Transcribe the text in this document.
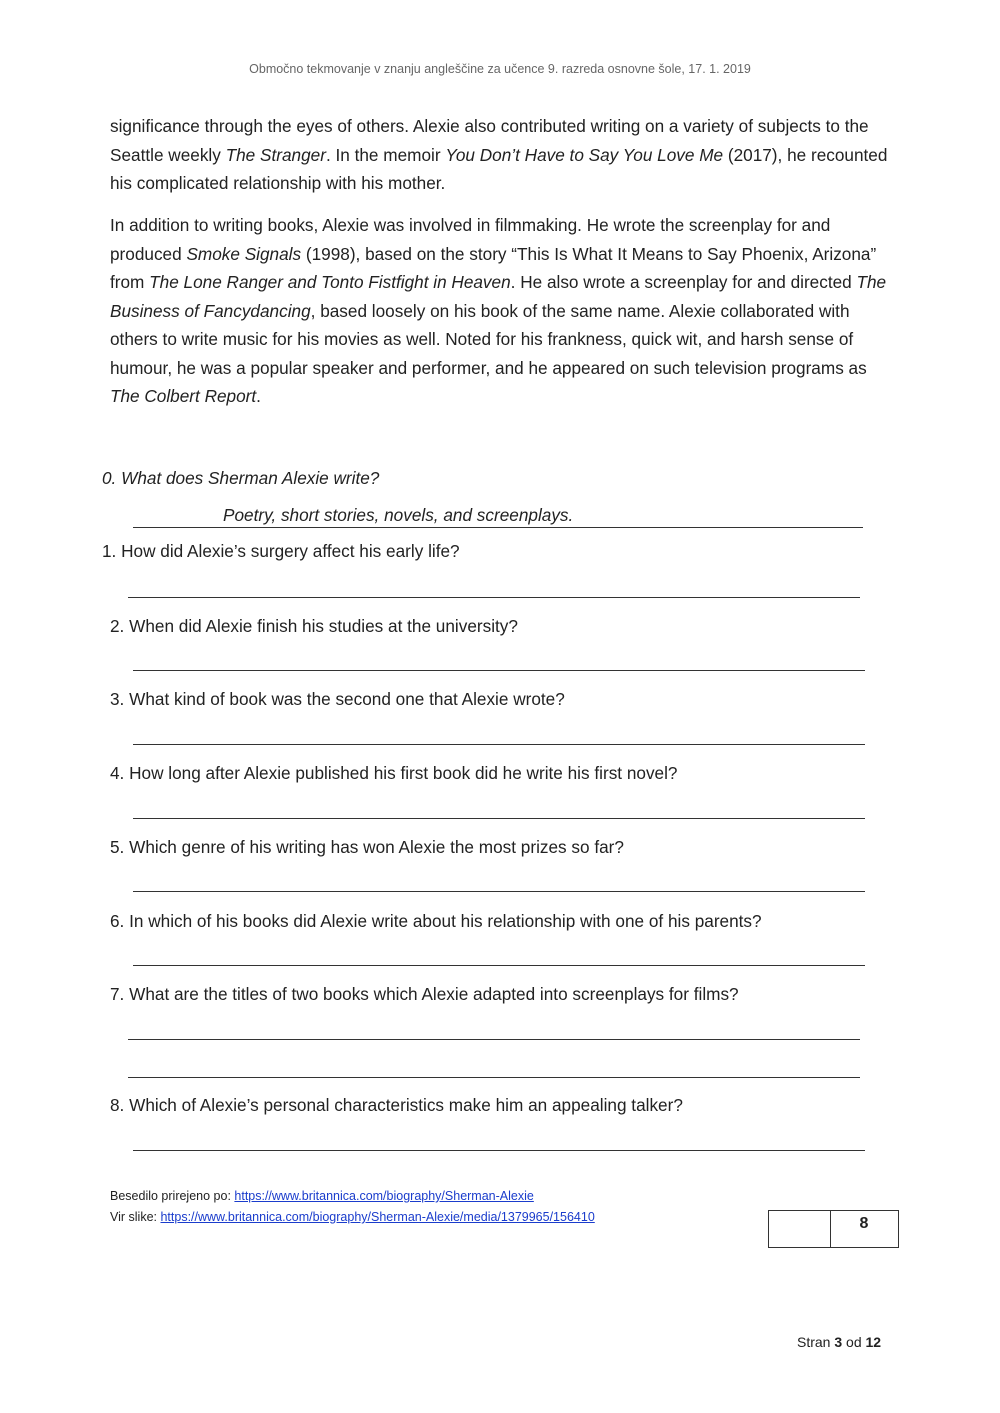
Območno tekmovanje v znanju angleščine za učence 9. razreda osnovne šole, 17. 1. 2019
significance through the eyes of others. Alexie also contributed writing on a variety of subjects to the Seattle weekly The Stranger. In the memoir You Don’t Have to Say You Love Me (2017), he recounted his complicated relationship with his mother.
In addition to writing books, Alexie was involved in filmmaking. He wrote the screenplay for and produced Smoke Signals (1998), based on the story “This Is What It Means to Say Phoenix, Arizona” from The Lone Ranger and Tonto Fistfight in Heaven. He also wrote a screenplay for and directed The Business of Fancydancing, based loosely on his book of the same name. Alexie collaborated with others to write music for his movies as well. Noted for his frankness, quick wit, and harsh sense of humour, he was a popular speaker and performer, and he appeared on such television programs as The Colbert Report.
0. What does Sherman Alexie write?
Poetry, short stories, novels, and screenplays.
1. How did Alexie’s surgery affect his early life?
2. When did Alexie finish his studies at the university?
3. What kind of book was the second one that Alexie wrote?
4. How long after Alexie published his first book did he write his first novel?
5. Which genre of his writing has won Alexie the most prizes so far?
6. In which of his books did Alexie write about his relationship with one of his parents?
7. What are the titles of two books which Alexie adapted into screenplays for films?
8. Which of Alexie’s personal characteristics make him an appealing talker?
Besedilo prirejeno po: https://www.britannica.com/biography/Sherman-Alexie
Vir slike: https://www.britannica.com/biography/Sherman-Alexie/media/1379965/156410	8
Stran 3 od 12
